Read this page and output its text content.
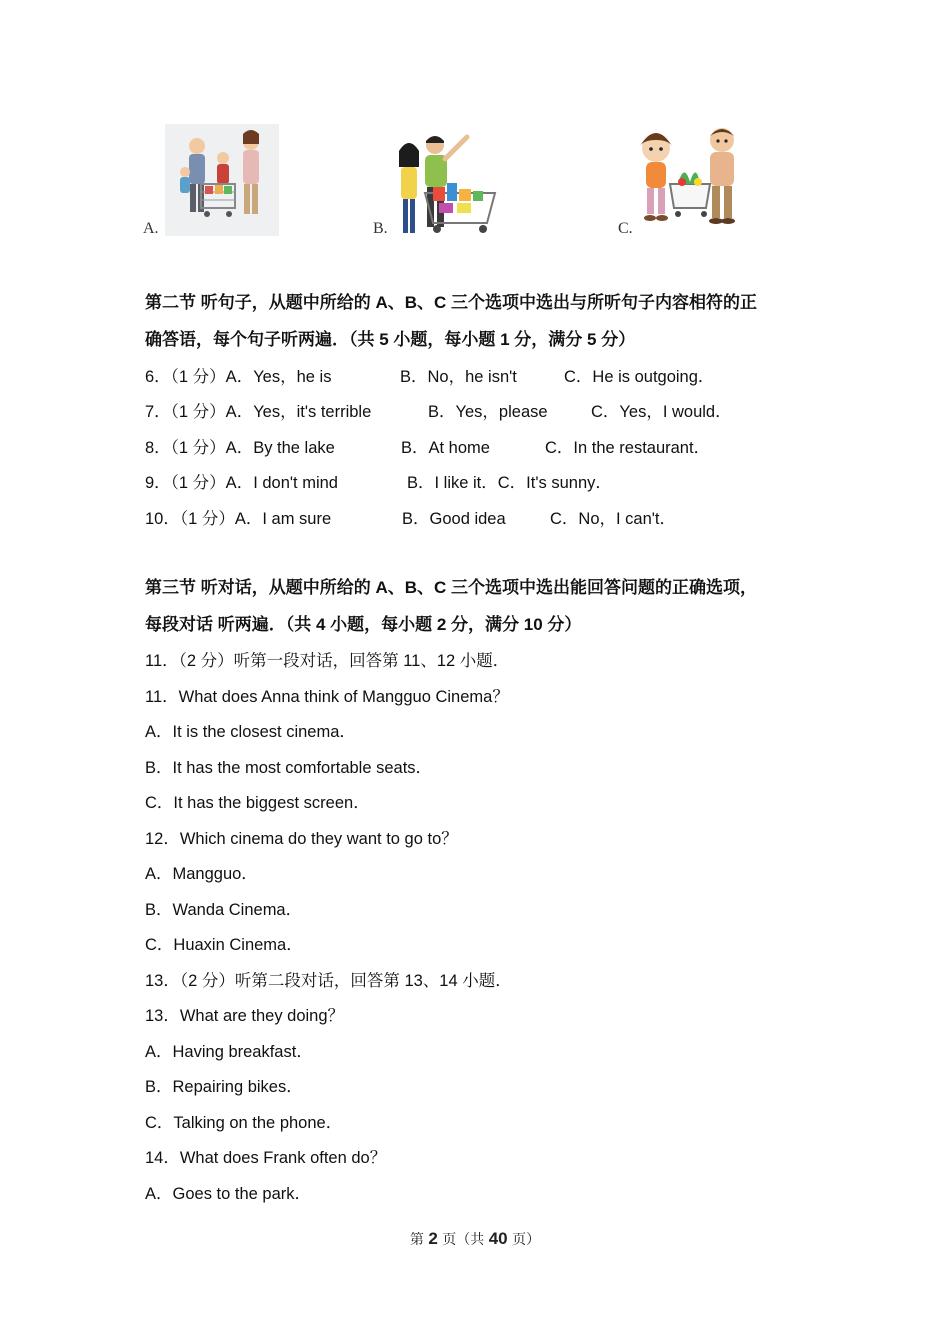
A.	B.	C.
第二节 听句子，从题中所给的 A、B、C 三个选项中选出与所听句子内容相符的正
确答语，每个句子听两遍．（共 5 小题，每小题 1 分，满分 5 分）
6．（1 分）A．Yes，he is	B．No，he isn't	C．He is outgoing．
7．（1 分）A．Yes，it's terrible	B．Yes，please	C．Yes，I would．
8．（1 分）A．By the lake	B．At home	C．In the restaurant．
9．（1 分）A．I don't mind	B．I like it．C．It's sunny．
10．（1 分）A．I am sure	B．Good idea	C．No，I can't．
第三节 听对话，从题中所给的 A、B、C 三个选项中选出能回答问题的正确选项，
每段对话 听两遍．（共 4 小题，每小题 2 分，满分 10 分）
11．（2 分）听第一段对话，回答第 11、12 小题．
11．What does Anna think of Mangguo Cinema？
A．It is the closest cinema．
B．It has the most comfortable seats．
C．It has the biggest screen．
12．Which cinema do they want to go to？
A．Mangguo．
B．Wanda Cinema．
C．Huaxin Cinema．
13．（2 分）听第二段对话，回答第 13、14 小题．
13．What are they doing？
A．Having breakfast．
B．Repairing bikes．
C．Talking on the phone．
14．What does Frank often do？
A．Goes to the park．
第 2 页（共 40 页）
